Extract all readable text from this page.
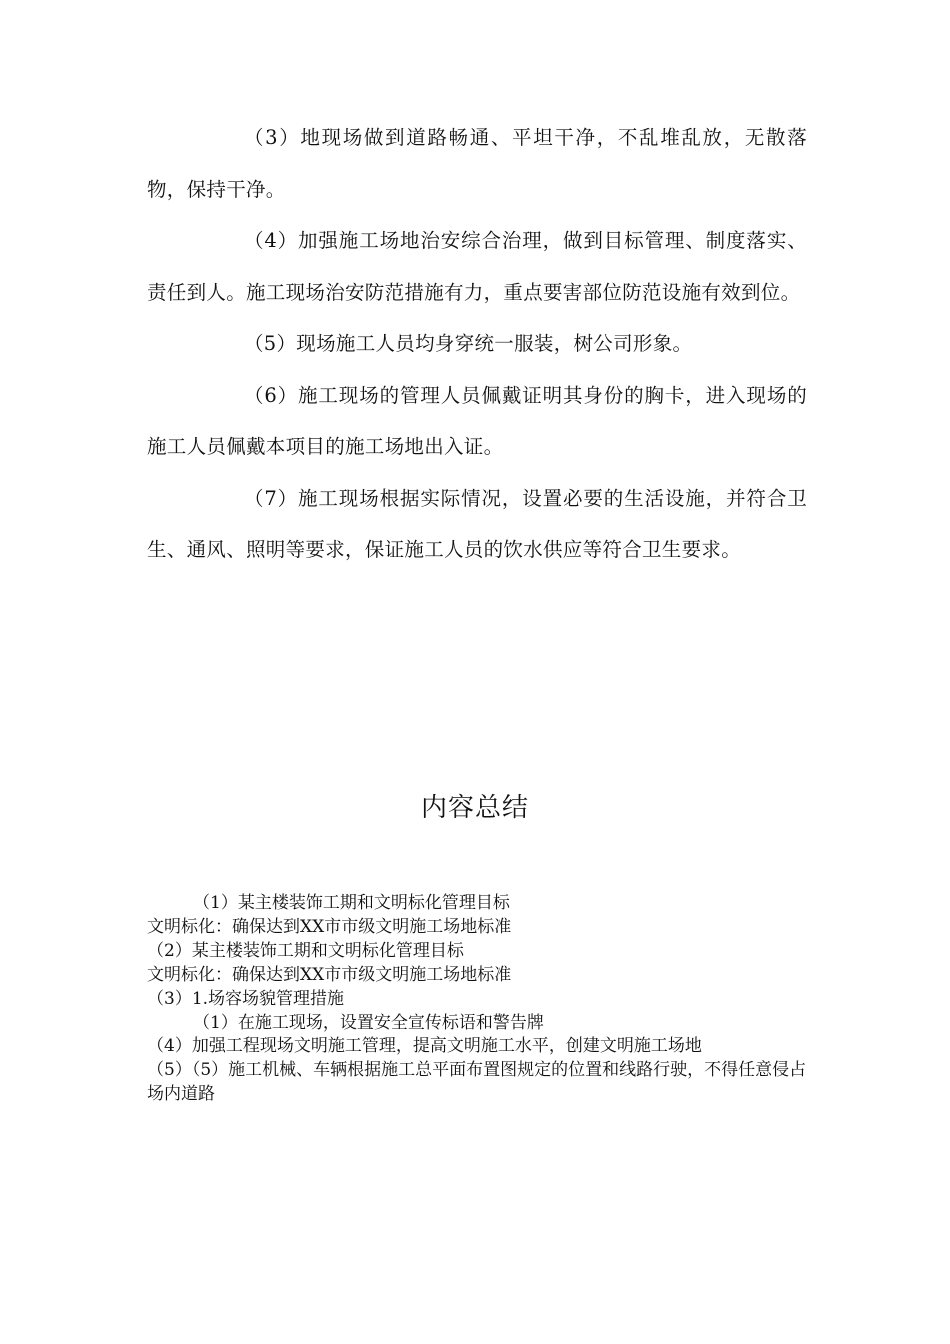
（3）地现场做到道路畅通、平坦干净，不乱堆乱放，无散落物，保持干净。

（4）加强施工场地治安综合治理，做到目标管理、制度落实、责任到人。施工现场治安防范措施有力，重点要害部位防范设施有效到位。

（5）现场施工人员均身穿统一服装，树公司形象。

（6）施工现场的管理人员佩戴证明其身份的胸卡，进入现场的施工人员佩戴本项目的施工场地出入证。

（7）施工现场根据实际情况，设置必要的生活设施，并符合卫生、通风、照明等要求，保证施工人员的饮水供应等符合卫生要求。

内容总结
（1）某主楼装饰工期和文明标化管理目标
文明标化：确保达到XX市市级文明施工场地标准
（2）某主楼装饰工期和文明标化管理目标
文明标化：确保达到XX市市级文明施工场地标准
（3）1.场容场貌管理措施
（1）在施工现场，设置安全宣传标语和警告牌
（4）加强工程现场文明施工管理，提高文明施工水平，创建文明施工场地
（5）（5）施工机械、车辆根据施工总平面布置图规定的位置和线路行驶，不得任意侵占场内道路
